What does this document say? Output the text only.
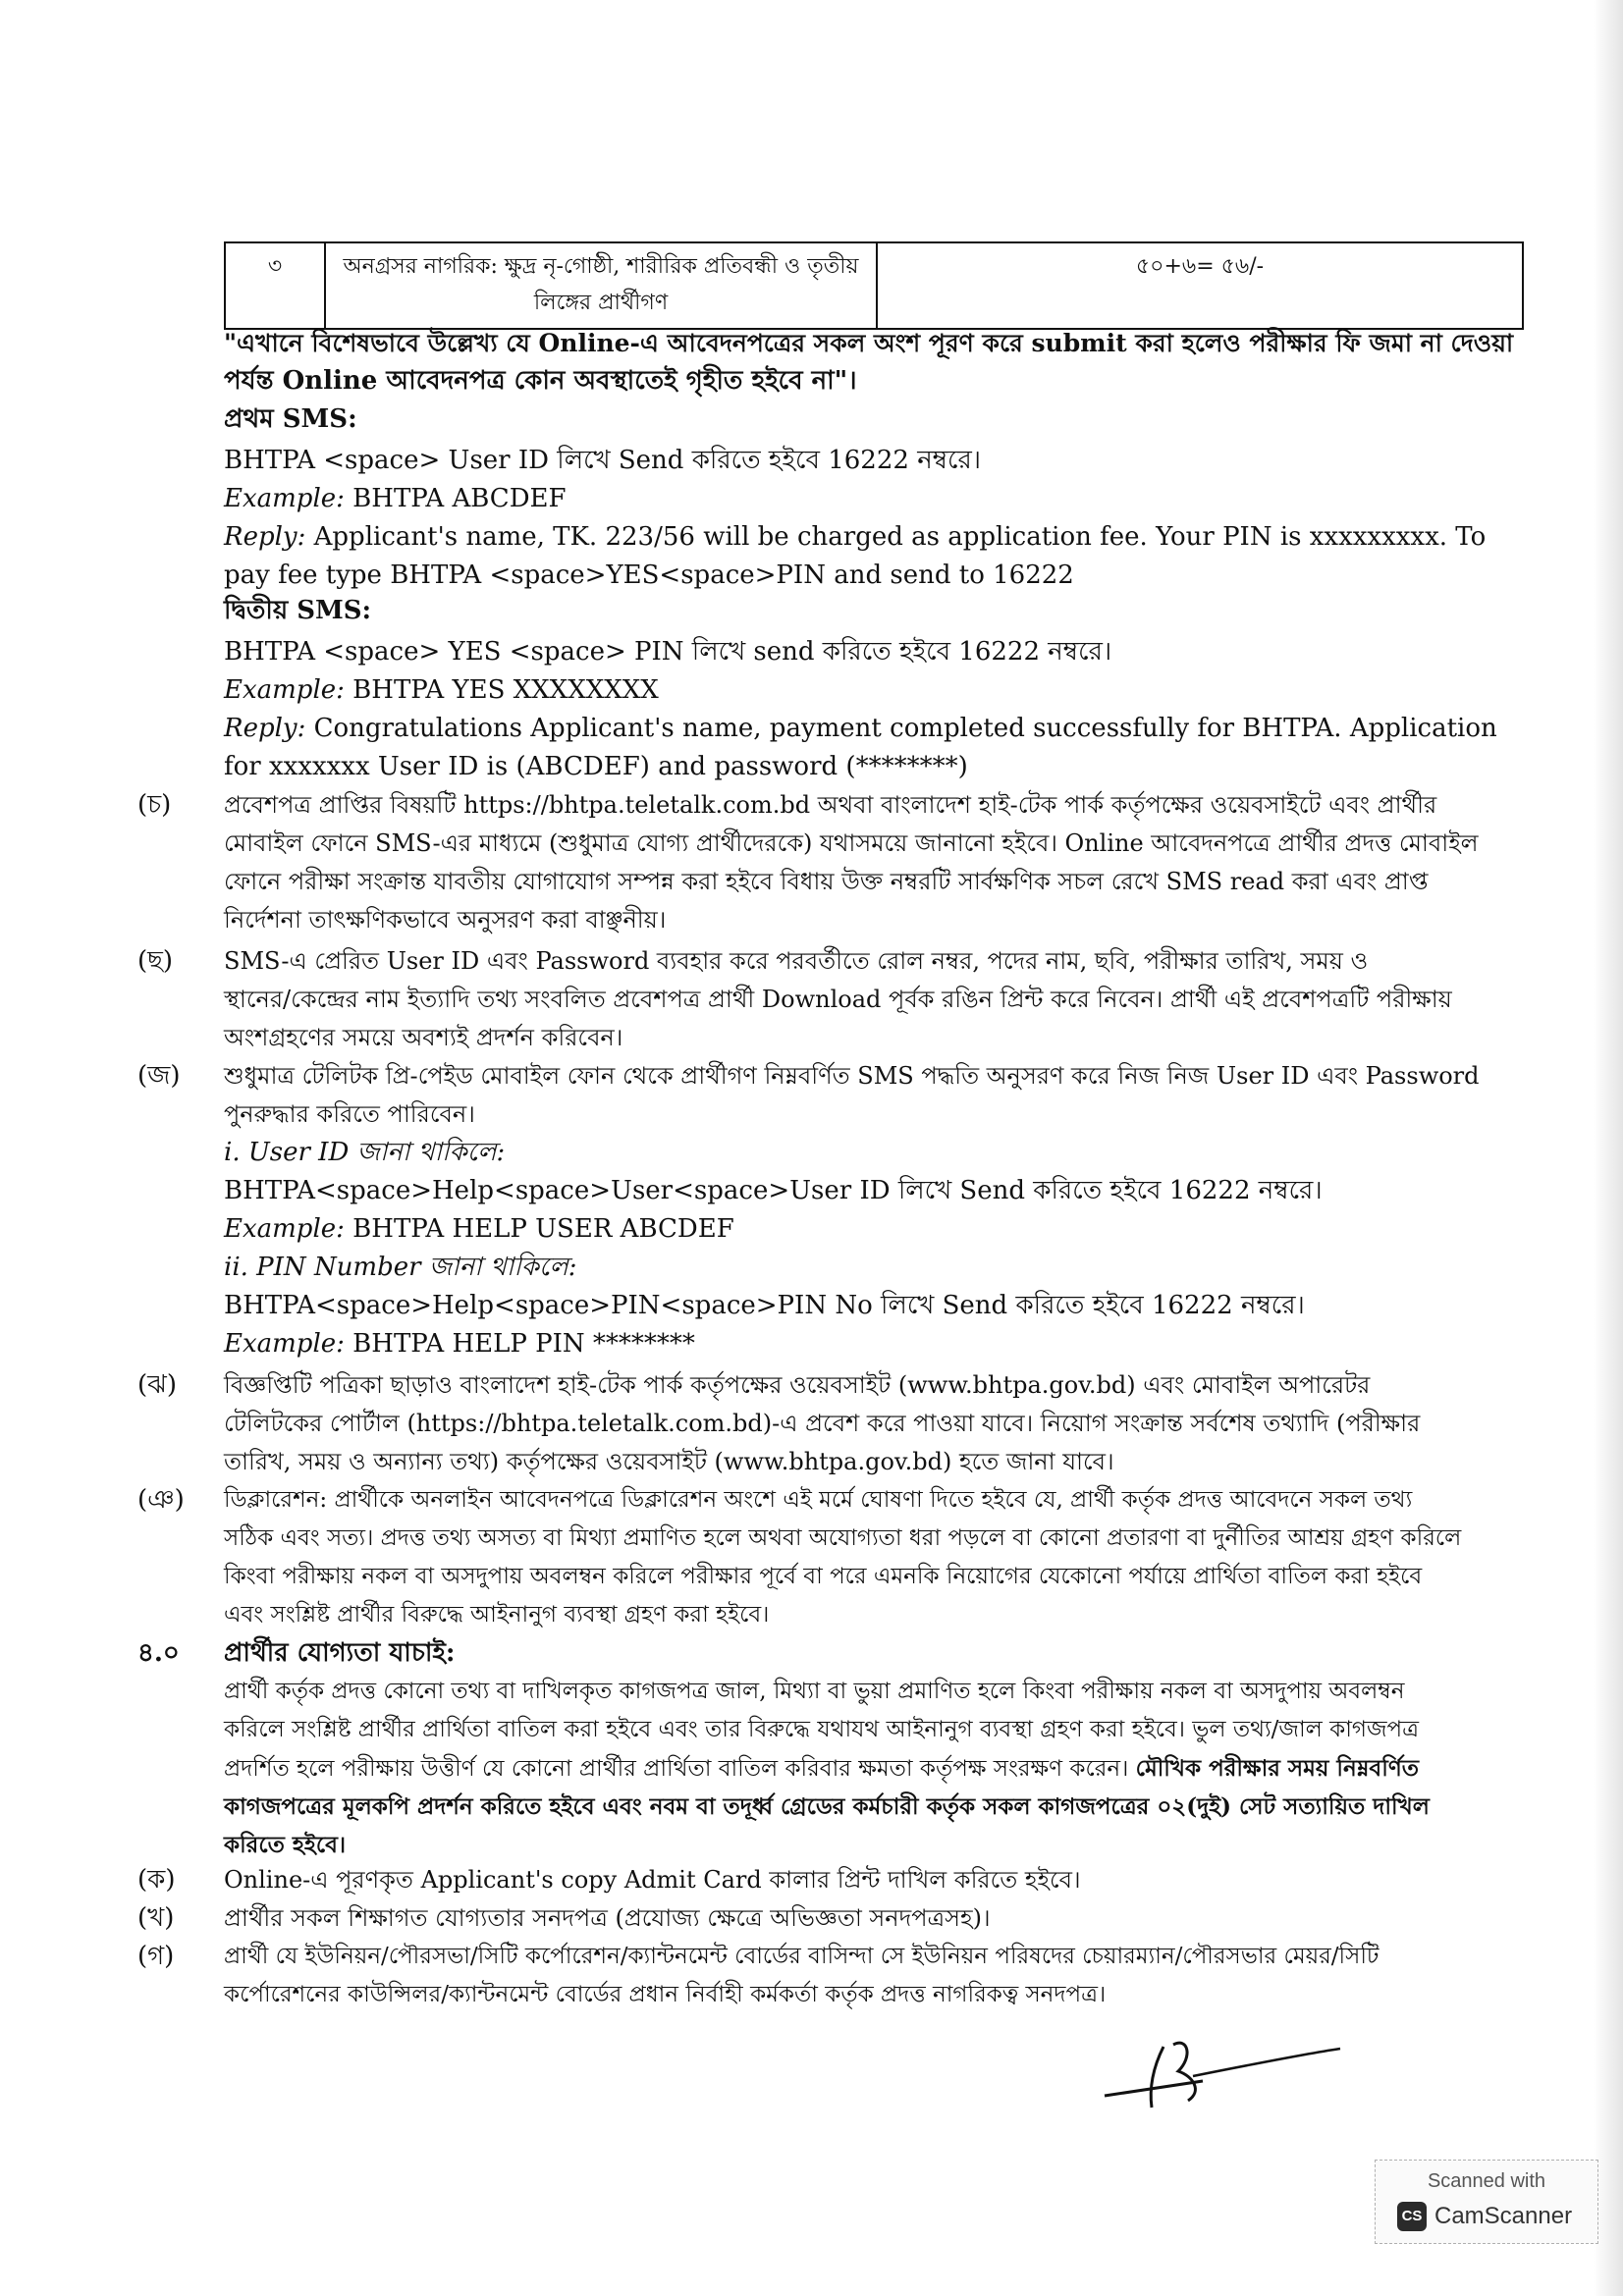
৩	অনগ্রসর নাগরিক: ক্ষুদ্র নৃ-গোষ্ঠী, শারীরিক প্রতিবন্ধী ও তৃতীয় লিঙ্গের প্রার্থীগণ	৫০+৬= ৫৬/-

"এখানে বিশেষভাবে উল্লেখ্য যে Online-এ আবেদনপত্রের সকল অংশ পূরণ করে submit করা হলেও পরীক্ষার ফি জমা না দেওয়া

পর্যন্ত Online আবেদনপত্র কোন অবস্থাতেই গৃহীত হইবে না"।

প্রথম SMS:

BHTPA <space> User ID লিখে Send করিতে হইবে 16222 নম্বরে।

Example: BHTPA ABCDEF

Reply: Applicant's name, TK. 223/56 will be charged as application fee. Your PIN is xxxxxxxxx. To

pay fee type BHTPA <space>YES<space>PIN and send to 16222

দ্বিতীয় SMS:

BHTPA <space> YES <space> PIN লিখে send করিতে হইবে 16222 নম্বরে।

Example: BHTPA YES XXXXXXXX

Reply: Congratulations Applicant's name, payment completed successfully for BHTPA. Application

for xxxxxxx User ID is (ABCDEF) and password (********)

(চ)	প্রবেশপত্র প্রাপ্তির বিষয়টি https://bhtpa.teletalk.com.bd অথবা বাংলাদেশ হাই-টেক পার্ক কর্তৃপক্ষের ওয়েবসাইটে এবং প্রার্থীর

মোবাইল ফোনে SMS-এর মাধ্যমে (শুধুমাত্র যোগ্য প্রার্থীদেরকে) যথাসময়ে জানানো হইবে। Online আবেদনপত্রে প্রার্থীর প্রদত্ত মোবাইল

ফোনে পরীক্ষা সংক্রান্ত যাবতীয় যোগাযোগ সম্পন্ন করা হইবে বিধায় উক্ত নম্বরটি সার্বক্ষণিক সচল রেখে SMS read করা এবং প্রাপ্ত

নির্দেশনা তাৎক্ষণিকভাবে অনুসরণ করা বাঞ্ছনীয়।

(ছ)	SMS-এ প্রেরিত User ID এবং Password ব্যবহার করে পরবর্তীতে রোল নম্বর, পদের নাম, ছবি, পরীক্ষার তারিখ, সময় ও

স্থানের/কেন্দ্রের নাম ইত্যাদি তথ্য সংবলিত প্রবেশপত্র প্রার্থী Download পূর্বক রঙিন প্রিন্ট করে নিবেন। প্রার্থী এই প্রবেশপত্রটি পরীক্ষায়

অংশগ্রহণের সময়ে অবশ্যই প্রদর্শন করিবেন।

(জ)	শুধুমাত্র টেলিটক প্রি-পেইড মোবাইল ফোন থেকে প্রার্থীগণ নিম্নবর্ণিত SMS পদ্ধতি অনুসরণ করে নিজ নিজ User ID এবং Password

পুনরুদ্ধার করিতে পারিবেন।

i. User ID জানা থাকিলে:

BHTPA<space>Help<space>User<space>User ID লিখে Send করিতে হইবে 16222 নম্বরে।

Example: BHTPA HELP USER ABCDEF

ii. PIN Number জানা থাকিলে:

BHTPA<space>Help<space>PIN<space>PIN No লিখে Send করিতে হইবে 16222 নম্বরে।

Example: BHTPA HELP PIN ********

(ঝ)	বিজ্ঞপ্তিটি পত্রিকা ছাড়াও বাংলাদেশ হাই-টেক পার্ক কর্তৃপক্ষের ওয়েবসাইট (www.bhtpa.gov.bd) এবং মোবাইল অপারেটর

টেলিটকের পোর্টাল (https://bhtpa.teletalk.com.bd)-এ প্রবেশ করে পাওয়া যাবে। নিয়োগ সংক্রান্ত সর্বশেষ তথ্যাদি (পরীক্ষার

তারিখ, সময় ও অন্যান্য তথ্য) কর্তৃপক্ষের ওয়েবসাইট (www.bhtpa.gov.bd) হতে জানা যাবে।

(ঞ)	ডিক্লারেশন: প্রার্থীকে অনলাইন আবেদনপত্রে ডিক্লারেশন অংশে এই মর্মে ঘোষণা দিতে হইবে যে, প্রার্থী কর্তৃক প্রদত্ত আবেদনে সকল তথ্য

সঠিক এবং সত্য। প্রদত্ত তথ্য অসত্য বা মিথ্যা প্রমাণিত হলে অথবা অযোগ্যতা ধরা পড়লে বা কোনো প্রতারণা বা দুর্নীতির আশ্রয় গ্রহণ করিলে

কিংবা পরীক্ষায় নকল বা অসদুপায় অবলম্বন করিলে পরীক্ষার পূর্বে বা পরে এমনকি নিয়োগের যেকোনো পর্যায়ে প্রার্থিতা বাতিল করা হইবে

এবং সংশ্লিষ্ট প্রার্থীর বিরুদ্ধে আইনানুগ ব্যবস্থা গ্রহণ করা হইবে।

৪.০	প্রার্থীর যোগ্যতা যাচাই:

প্রার্থী কর্তৃক প্রদত্ত কোনো তথ্য বা দাখিলকৃত কাগজপত্র জাল, মিথ্যা বা ভুয়া প্রমাণিত হলে কিংবা পরীক্ষায় নকল বা অসদুপায় অবলম্বন

করিলে সংশ্লিষ্ট প্রার্থীর প্রার্থিতা বাতিল করা হইবে এবং তার বিরুদ্ধে যথাযথ আইনানুগ ব্যবস্থা গ্রহণ করা হইবে। ভুল তথ্য/জাল কাগজপত্র

প্রদর্শিত হলে পরীক্ষায় উত্তীর্ণ যে কোনো প্রার্থীর প্রার্থিতা বাতিল করিবার ক্ষমতা কর্তৃপক্ষ সংরক্ষণ করেন। মৌখিক পরীক্ষার সময় নিম্নবর্ণিত

কাগজপত্রের মূলকপি প্রদর্শন করিতে হইবে এবং নবম বা তদূর্ধ্ব গ্রেডের কর্মচারী কর্তৃক সকল কাগজপত্রের ০২(দুই) সেট সত্যায়িত দাখিল

করিতে হইবে।

(ক)	Online-এ পূরণকৃত Applicant's copy Admit Card কালার প্রিন্ট দাখিল করিতে হইবে।

(খ)	প্রার্থীর সকল শিক্ষাগত যোগ্যতার সনদপত্র (প্রযোজ্য ক্ষেত্রে অভিজ্ঞতা সনদপত্রসহ)।

(গ)	প্রার্থী যে ইউনিয়ন/পৌরসভা/সিটি কর্পোরেশন/ক্যান্টনমেন্ট বোর্ডের বাসিন্দা সে ইউনিয়ন পরিষদের চেয়ারম্যান/পৌরসভার মেয়র/সিটি

কর্পোরেশনের কাউন্সিলর/ক্যান্টনমেন্ট বোর্ডের প্রধান নির্বাহী কর্মকর্তা কর্তৃক প্রদত্ত নাগরিকত্ব সনদপত্র।

Scanned with
CS CamScanner
